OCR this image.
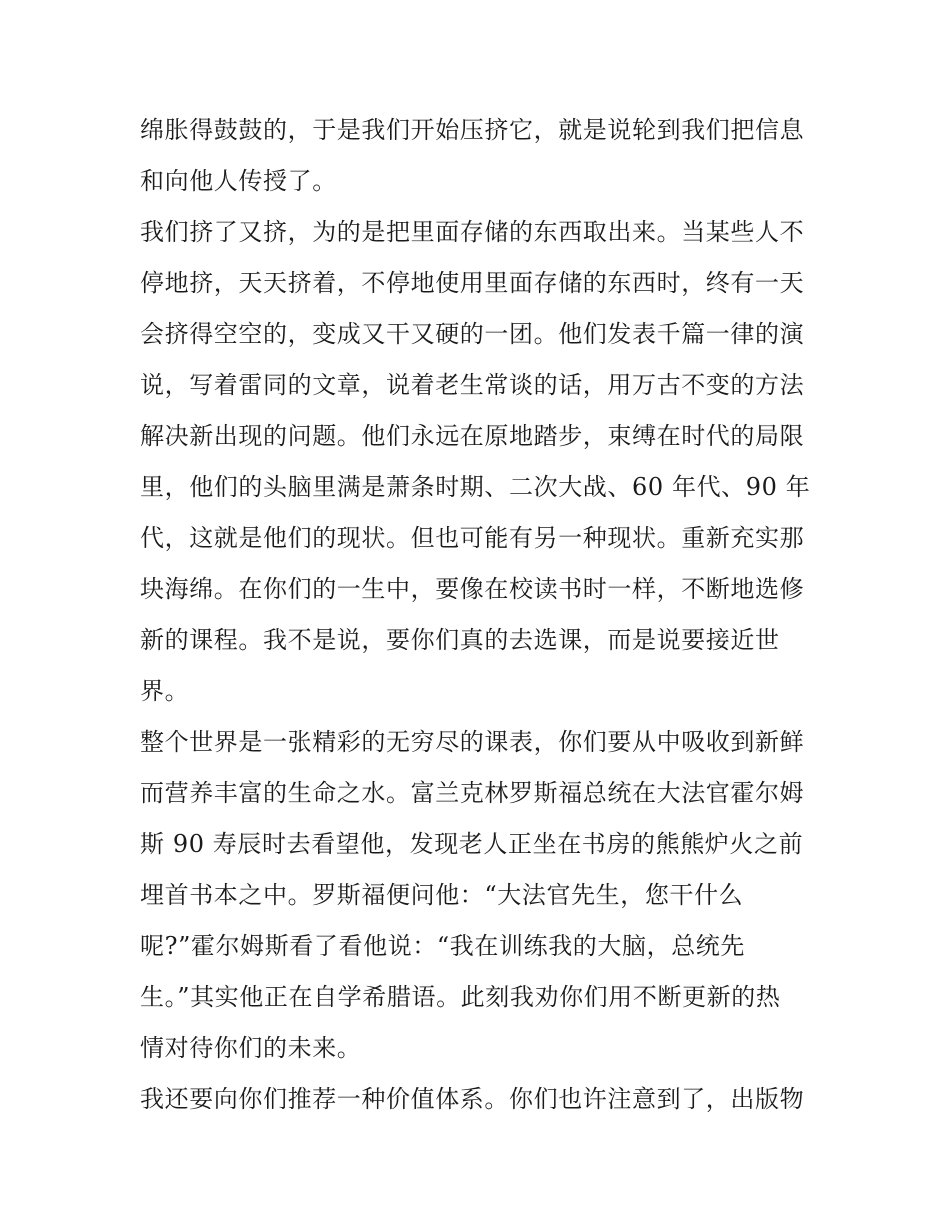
绵胀得鼓鼓的，于是我们开始压挤它，就是说轮到我们把信息
和向他人传授了。
我们挤了又挤，为的是把里面存储的东西取出来。当某些人不
停地挤，天天挤着，不停地使用里面存储的东西时，终有一天
会挤得空空的，变成又干又硬的一团。他们发表千篇一律的演
说，写着雷同的文章，说着老生常谈的话，用万古不变的方法
解决新出现的问题。他们永远在原地踏步，束缚在时代的局限
里，他们的头脑里满是萧条时期、二次大战、60 年代、90 年
代，这就是他们的现状。但也可能有另一种现状。重新充实那
块海绵。在你们的一生中，要像在校读书时一样，不断地选修
新的课程。我不是说，要你们真的去选课，而是说要接近世
界。
整个世界是一张精彩的无穷尽的课表，你们要从中吸收到新鲜
而营养丰富的生命之水。富兰克林罗斯福总统在大法官霍尔姆
斯 90 寿辰时去看望他，发现老人正坐在书房的熊熊炉火之前
埋首书本之中。罗斯福便问他：“大法官先生，您干什么
呢?”霍尔姆斯看了看他说：“我在训练我的大脑，总统先
生。”其实他正在自学希腊语。此刻我劝你们用不断更新的热
情对待你们的未来。
我还要向你们推荐一种价值体系。你们也许注意到了，出版物
